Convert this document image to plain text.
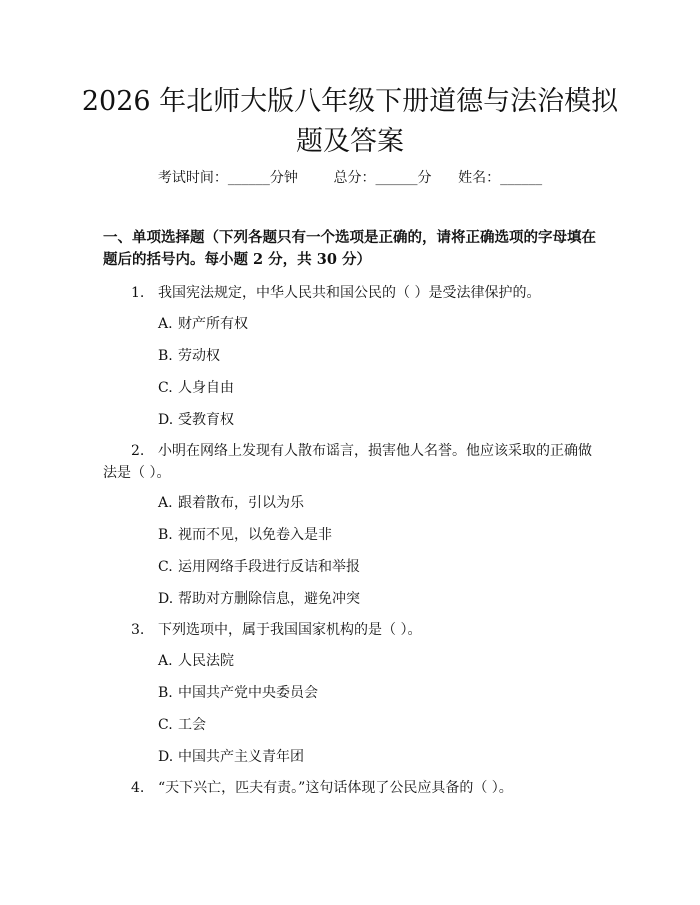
2026 年北师大版八年级下册道德与法治模拟题及答案
考试时间：______分钟	总分：______分 姓名：______

一、单项选择题（下列各题只有一个选项是正确的，请将正确选项的字母填在题后的括号内。每小题 2 分，共 30 分）

1. 我国宪法规定，中华人民共和国公民的（ ）是受法律保护的。

A. 财产所有权

B. 劳动权

C. 人身自由

D. 受教育权

2. 小明在网络上发现有人散布谣言，损害他人名誉。他应该采取的正确做法是（ ）。

A. 跟着散布，引以为乐

B. 视而不见，以免卷入是非

C. 运用网络手段进行反诘和举报

D. 帮助对方删除信息，避免冲突

3. 下列选项中，属于我国国家机构的是（ ）。

A. 人民法院

B. 中国共产党中央委员会

C. 工会

D. 中国共产主义青年团

4. “天下兴亡，匹夫有责。”这句话体现了公民应具备的（ ）。
